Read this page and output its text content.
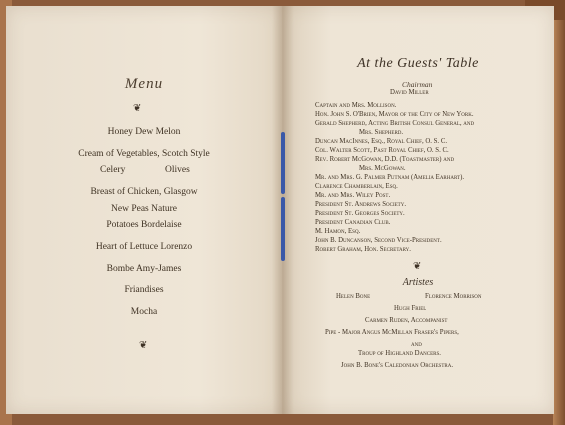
Menu
❦
Honey Dew Melon
Cream of Vegetables, Scotch Style
Celery	Olives
Breast of Chicken, Glasgow
New Peas Nature
Potatoes Bordelaise
Heart of Lettuce Lorenzo
Bombe Amy-James
Friandises
Mocha
❦
At the Guests' Table
Chairman
David Miller
Captain and Mrs. Mollison.
Hon. John S. O'Brien, Mayor of the City of New York.
Gerald Shepherd, Acting British Consul General, and
Mrs. Shepherd.
Duncan MacInnes, Esq., Royal Chief, O. S. C.
Col. Walter Scott, Past Royal Chief, O. S. C.
Rev. Robert McGowan, D.D. (Toastmaster) and
Mrs. McGowan.
Mr. and Mrs. G. Palmer Putnam (Amelia Earhart).
Clarence Chamberlain, Esq.
Mr. and Mrs. Wiley Post.
President St. Andrews Society.
President St. Georges Society.
President Canadian Club.
M. Hamon, Esq.
John B. Duncanson, Second Vice-President.
Robert Graham, Hon. Secretary.
❦
Artistes
Helen Bone	Florence Morrison
Hugh Friel
Carmen Ruden, Accompanist
Pipe - Major Angus McMillan Fraser's Pipers,
and
Troup of Highland Dancers.
John B. Bone's Caledonian Orchestra.
